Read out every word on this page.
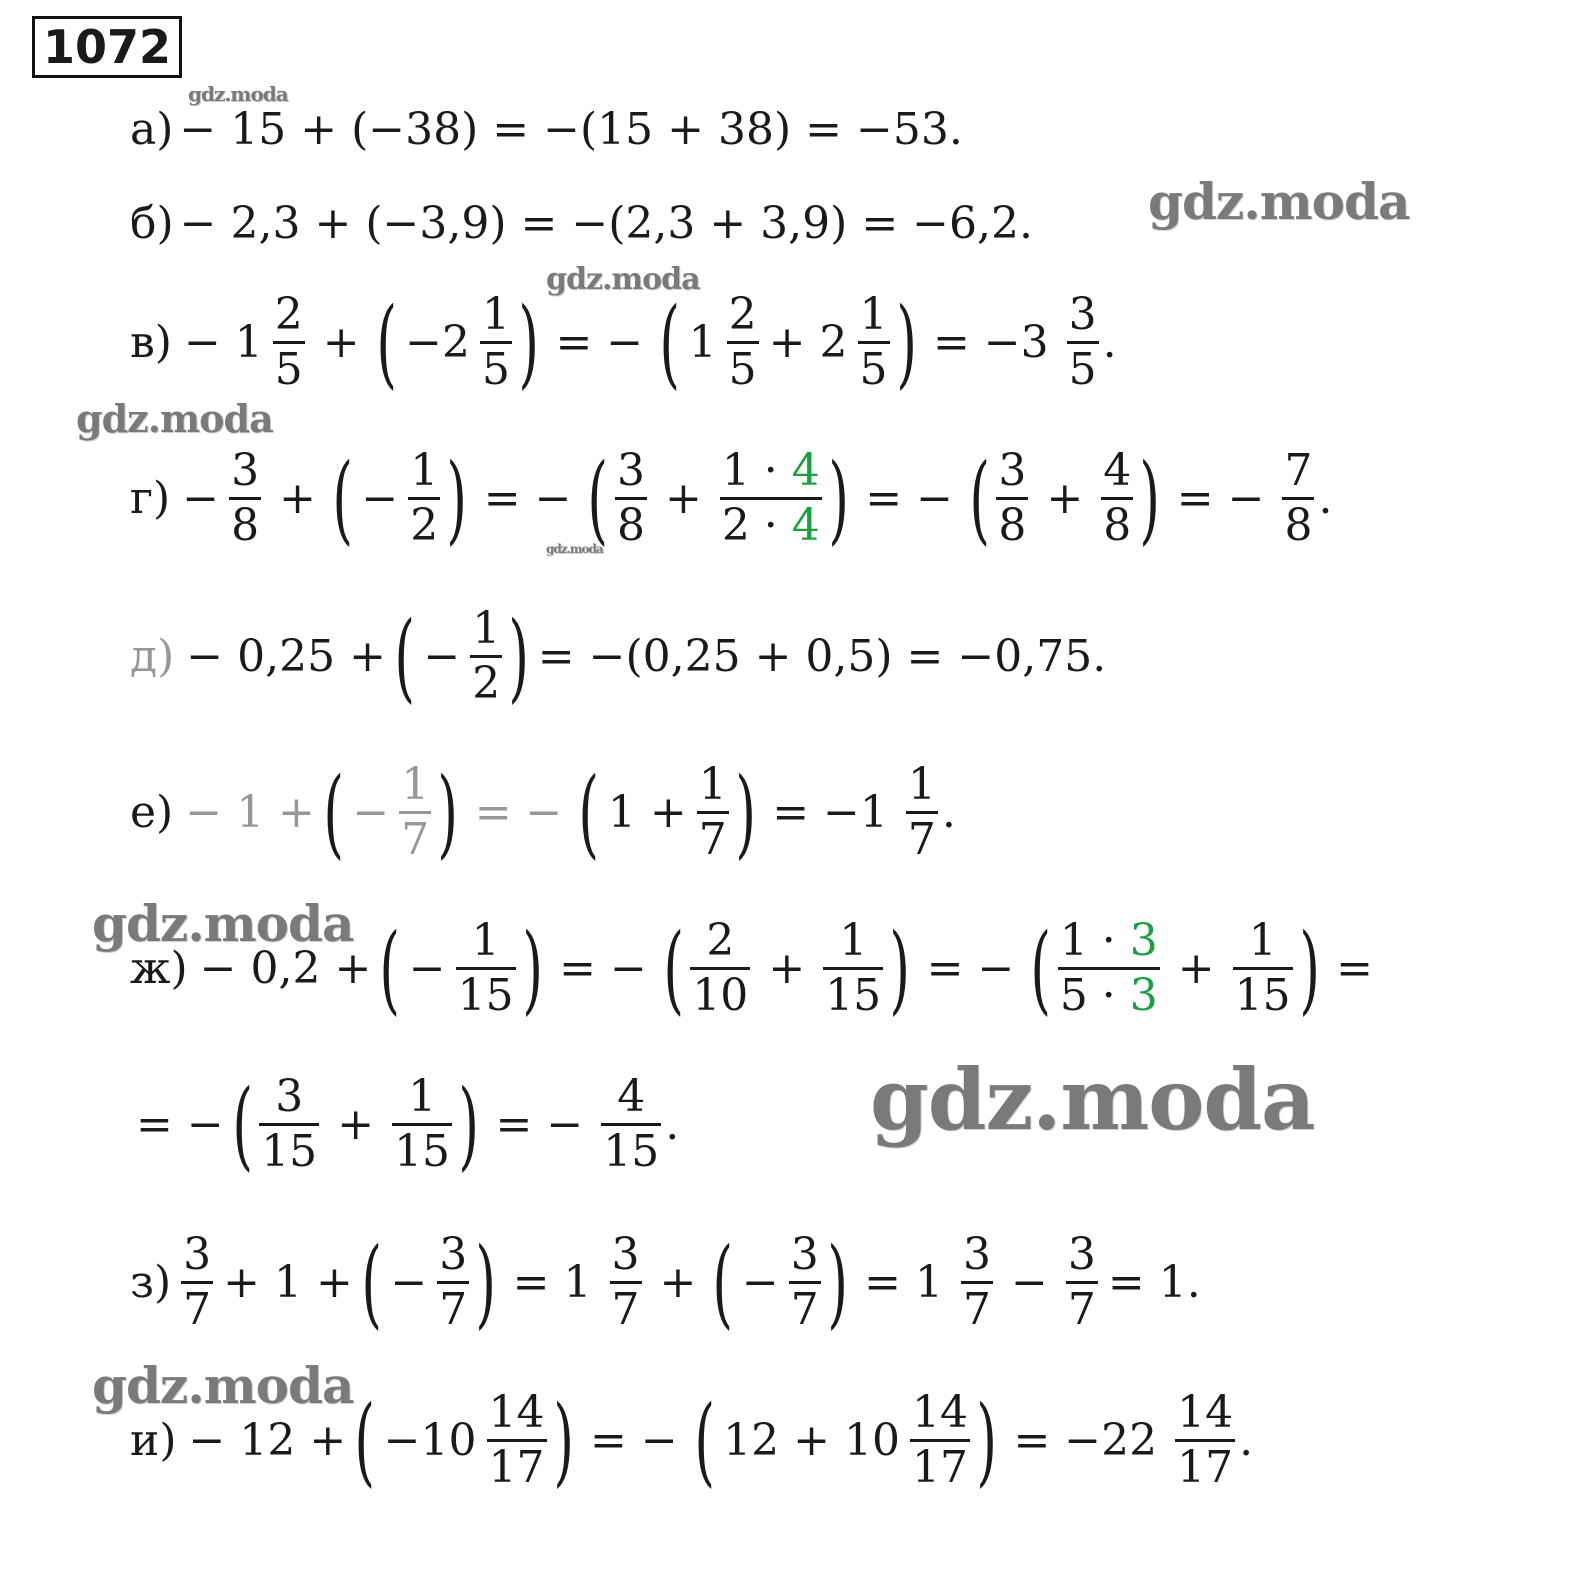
1072
gdz.moda
gdz.moda
gdz.moda
gdz.moda
gdz.moda
gdz.moda
gdz.moda
gdz.moda
а) − 15 + (−38) = −(15 + 38) = −53.
б) − 2,3 + (−3,9) = −(2,3 + 3,9) = −6,2.
$в) - 1 \frac{2}{5}$ + ( $-2 \frac{1}{5}$ ) = − ( $1 \frac{2}{5} + 2 \frac{1}{5}$ ) = $-3 \frac{3}{5}$ .
$г) - \frac{3}{8}$ + ( − $\frac{1}{2}$ ) = − ( $\frac{3}{8} + \frac{1 \cdot 4}{2 \cdot 4}$ ) = − ( $\frac{3}{8} + \frac{4}{8}$ ) = − $\frac{7}{8}$ .
д) − 0,25 + ( − $\frac{1}{2}$ ) = −(0,25 + 0,5) = −0,75.
е) − 1 + ( − $\frac{1}{7}$ ) = − ( $1 + \frac{1}{7}$ ) = $-1 \frac{1}{7}$ .
ж) − 0,2 + ( − $\frac{1}{15}$ ) = − ( $\frac{2}{10} + \frac{1}{15}$ ) = − ( $\frac{1 \cdot 3}{5 \cdot 3} + \frac{1}{15}$ ) =
= − ( $\frac{3}{15} + \frac{1}{15}$ ) = − $\frac{4}{15}$ .
$з) \frac{3}{7} + 1$ + ( − $\frac{3}{7}$ ) = $1 \frac{3}{7}$ + ( − $\frac{3}{7}$ ) = $1 \frac{3}{7} - \frac{3}{7} = 1$.
и) − 12 + ( $-10 \frac{14}{17}$ ) = − ( $12 + 10 \frac{14}{17}$ ) = $-22 \frac{14}{17}$ .
